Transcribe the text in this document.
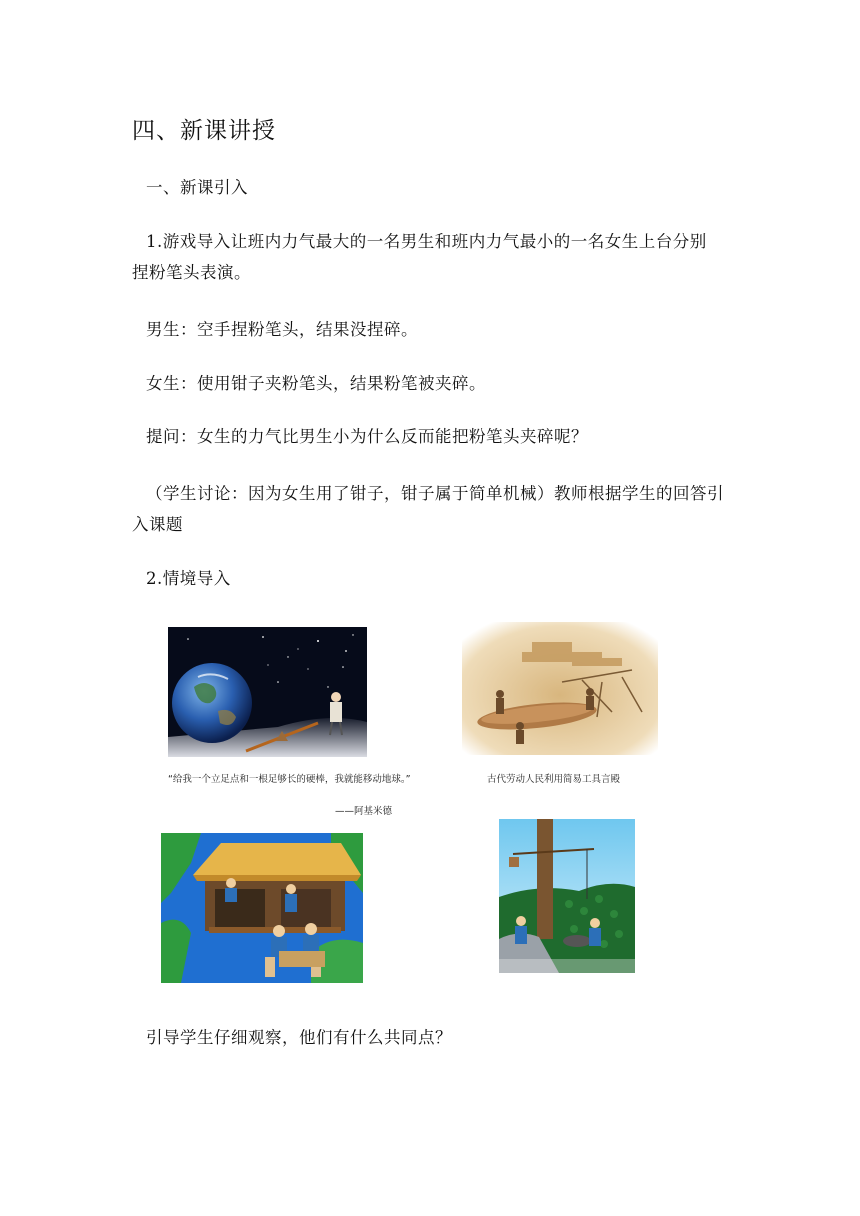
四、新课讲授
一、新课引入
1.游戏导入让班内力气最大的一名男生和班内力气最小的一名女生上台分别
捏粉笔头表演。
男生：空手捏粉笔头，结果没捏碎。
女生：使用钳子夹粉笔头，结果粉笔被夹碎。
提问：女生的力气比男生小为什么反而能把粉笔头夹碎呢？
（学生讨论：因为女生用了钳子，钳子属于简单机械）教师根据学生的回答引
入课题
2.情境导入
“给我一个立足点和一根足够长的硬棒，我就能移动地球。”	古代劳动人民利用简易工具言殿
——阿基米德
引导学生仔细观察，他们有什么共同点？
